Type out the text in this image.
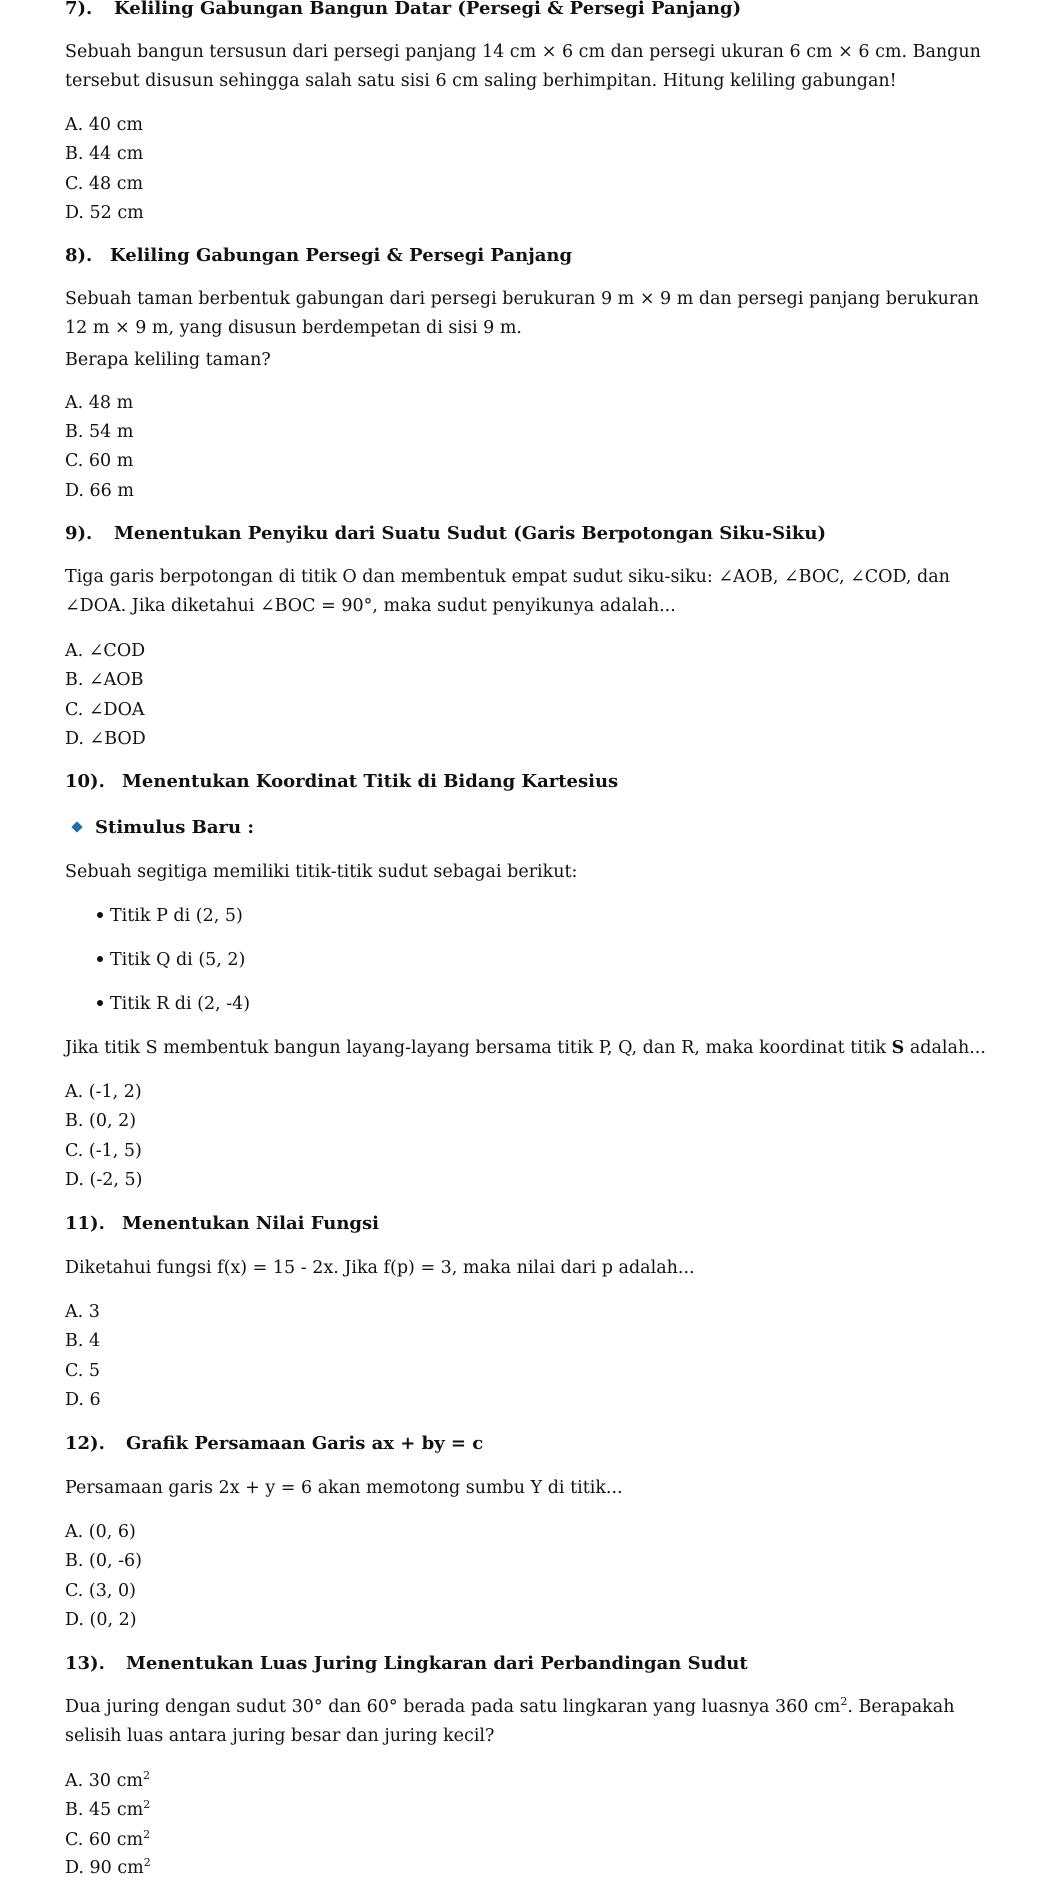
7). Keliling Gabungan Bangun Datar (Persegi & Persegi Panjang)
Sebuah bangun tersusun dari persegi panjang 14 cm × 6 cm dan persegi ukuran 6 cm × 6 cm. Bangun tersebut disusun sehingga salah satu sisi 6 cm saling berhimpitan. Hitung keliling gabungan!
A. 40 cm
B. 44 cm
C. 48 cm
D. 52 cm
8). Keliling Gabungan Persegi & Persegi Panjang
Sebuah taman berbentuk gabungan dari persegi berukuran 9 m × 9 m dan persegi panjang berukuran 12 m × 9 m, yang disusun berdempetan di sisi 9 m.
Berapa keliling taman?
A. 48 m
B. 54 m
C. 60 m
D. 66 m
9). Menentukan Penyiku dari Suatu Sudut (Garis Berpotongan Siku-Siku)
Tiga garis berpotongan di titik O dan membentuk empat sudut siku-siku: ∠AOB, ∠BOC, ∠COD, dan ∠DOA. Jika diketahui ∠BOC = 90°, maka sudut penyikunya adalah...
A. ∠COD
B. ∠AOB
C. ∠DOA
D. ∠BOD
10). Menentukan Koordinat Titik di Bidang Kartesius
Stimulus Baru :
Sebuah segitiga memiliki titik-titik sudut sebagai berikut:
Titik P di (2, 5)
Titik Q di (5, 2)
Titik R di (2, -4)
Jika titik S membentuk bangun layang-layang bersama titik P, Q, dan R, maka koordinat titik S adalah...
A. (-1, 2)
B. (0, 2)
C. (-1, 5)
D. (-2, 5)
11). Menentukan Nilai Fungsi
Diketahui fungsi f(x) = 15 - 2x. Jika f(p) = 3, maka nilai dari p adalah...
A. 3
B. 4
C. 5
D. 6
12). Grafik Persamaan Garis ax + by = c
Persamaan garis 2x + y = 6 akan memotong sumbu Y di titik...
A. (0, 6)
B. (0, -6)
C. (3, 0)
D. (0, 2)
13). Menentukan Luas Juring Lingkaran dari Perbandingan Sudut
Dua juring dengan sudut 30° dan 60° berada pada satu lingkaran yang luasnya 360 $cm^2$. Berapakah selisih luas antara juring besar dan juring kecil?
A. 30 $cm^2$
B. 45 $cm^2$
C. 60 $cm^2$
D. 90 $cm^2$
